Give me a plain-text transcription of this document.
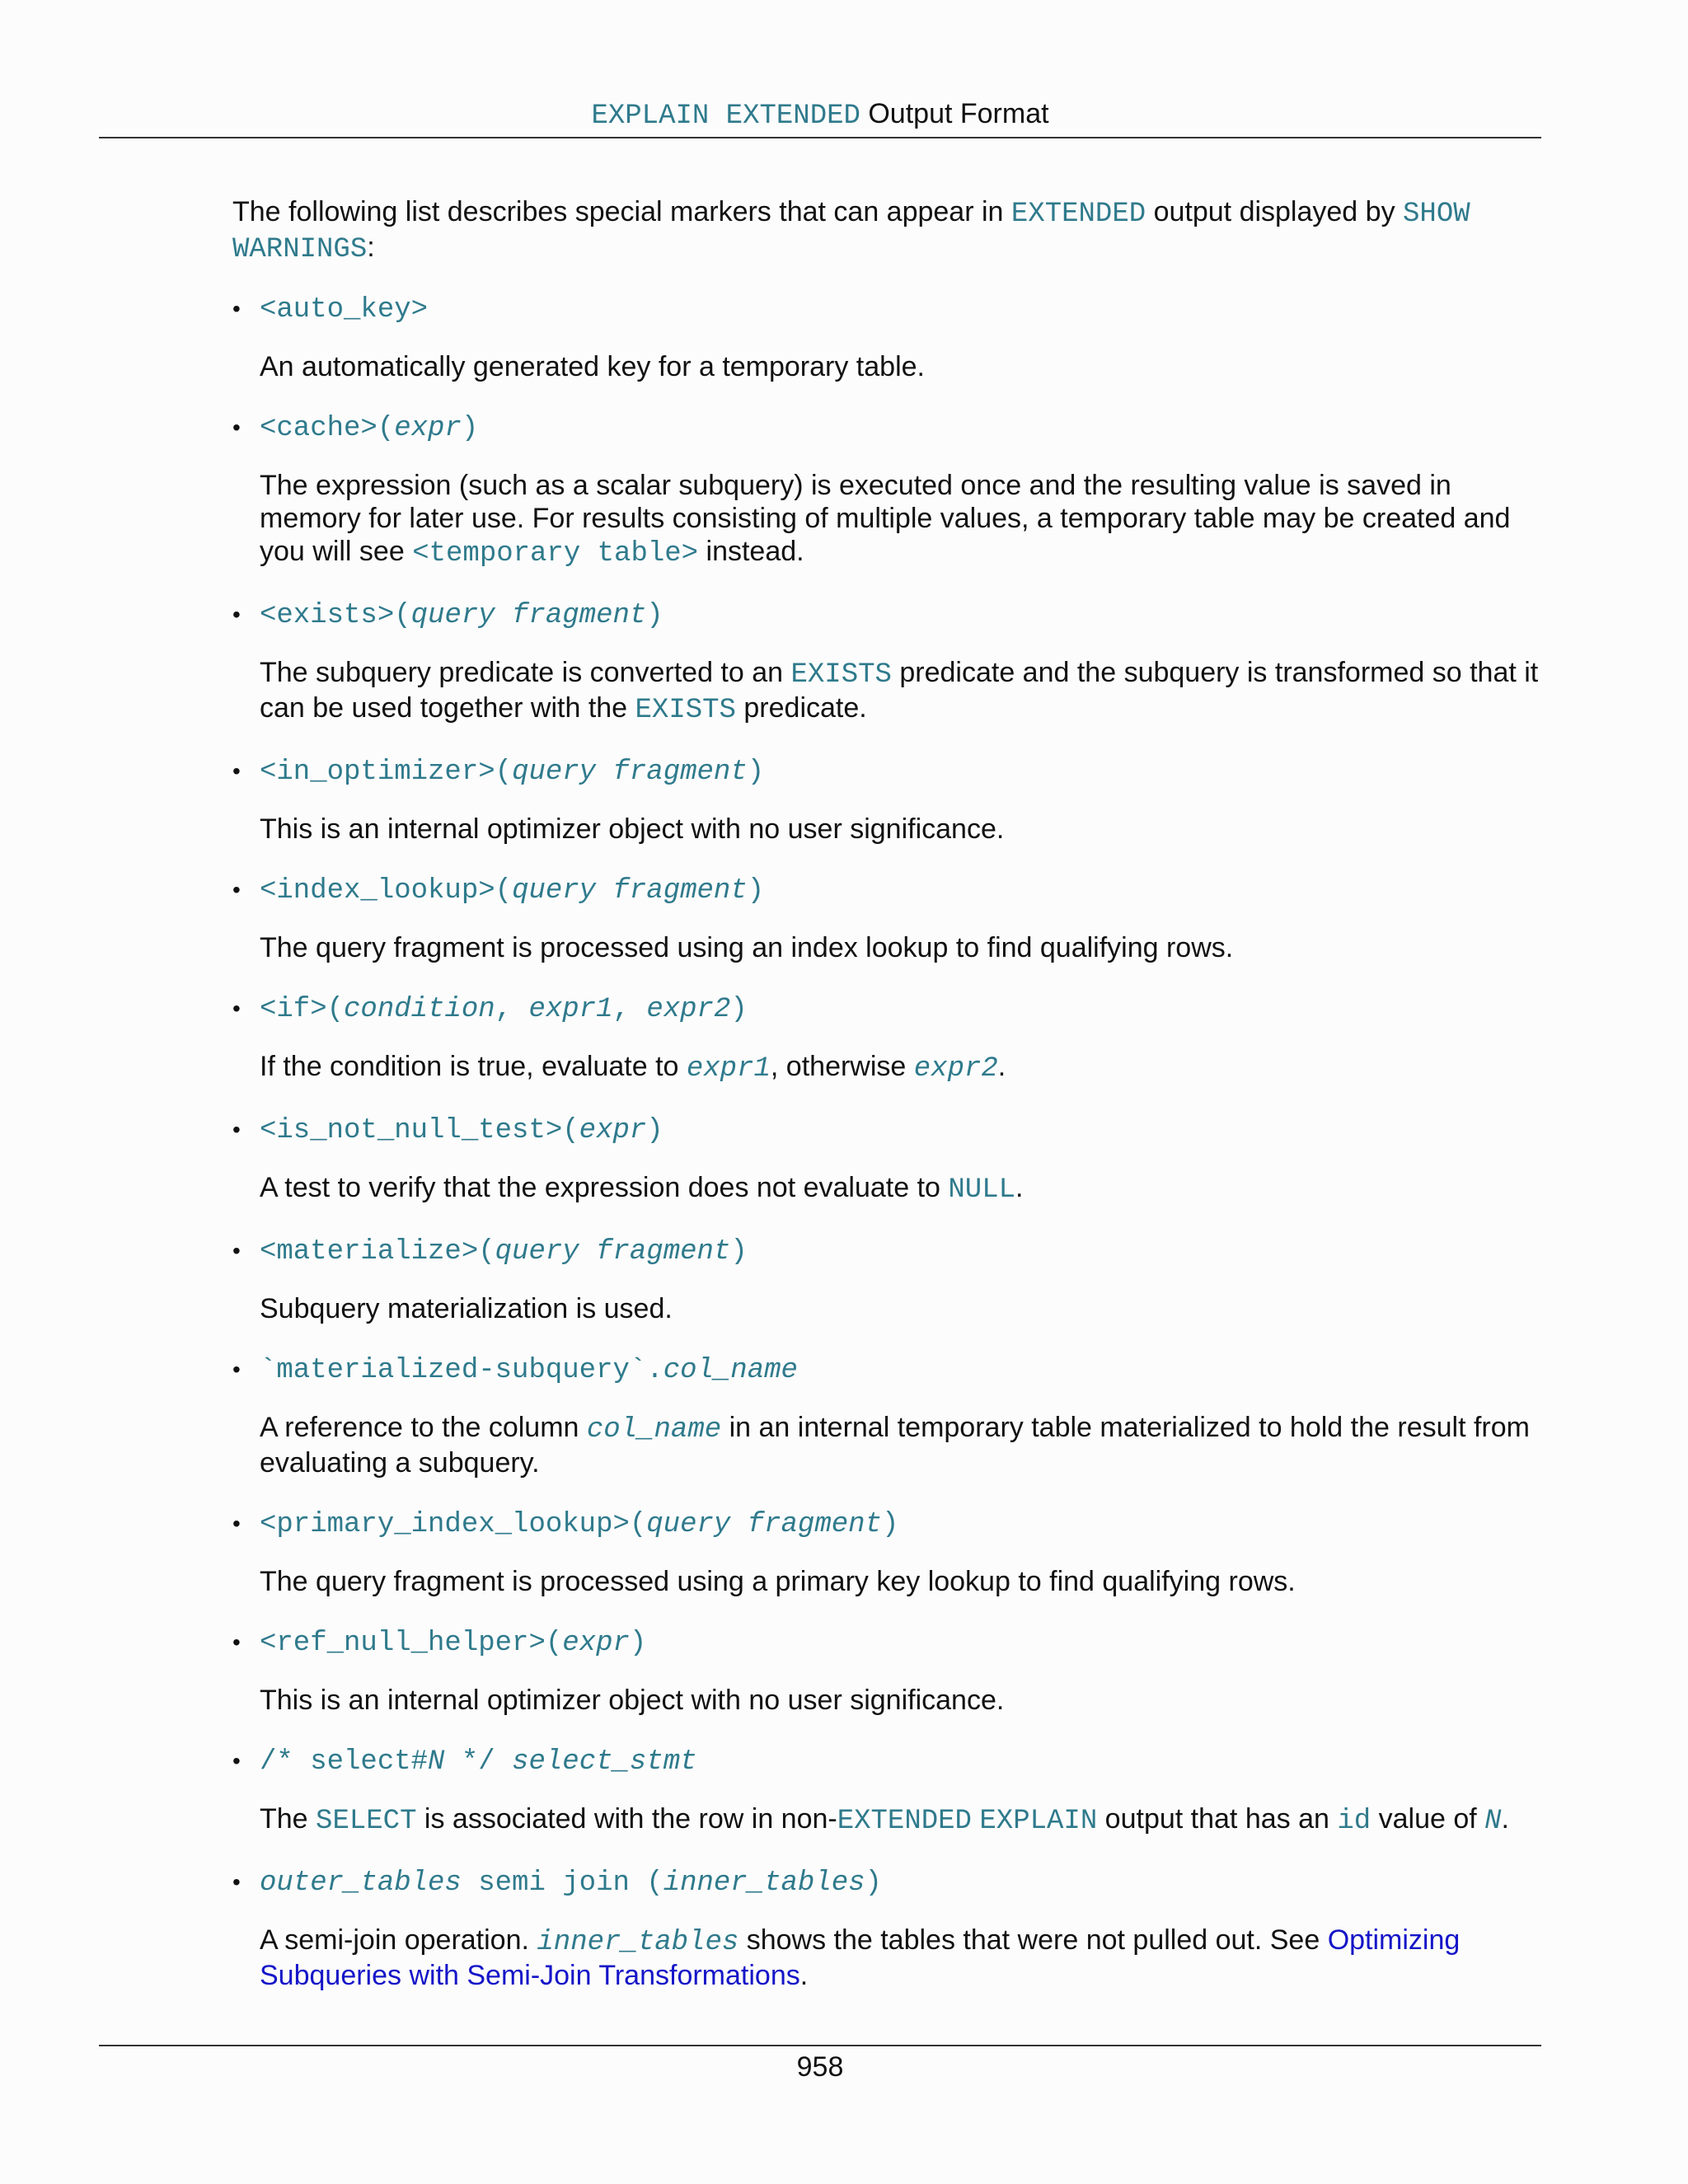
EXPLAIN EXTENDED Output Format

The following list describes special markers that can appear in EXTENDED output displayed by SHOW WARNINGS:

• <auto_key>
An automatically generated key for a temporary table.
• <cache>(expr)
The expression (such as a scalar subquery) is executed once and the resulting value is saved in memory for later use. For results consisting of multiple values, a temporary table may be created and you will see <temporary table> instead.
• <exists>(query fragment)
The subquery predicate is converted to an EXISTS predicate and the subquery is transformed so that it can be used together with the EXISTS predicate.
• <in_optimizer>(query fragment)
This is an internal optimizer object with no user significance.
• <index_lookup>(query fragment)
The query fragment is processed using an index lookup to find qualifying rows.
• <if>(condition, expr1, expr2)
If the condition is true, evaluate to expr1, otherwise expr2.
• <is_not_null_test>(expr)
A test to verify that the expression does not evaluate to NULL.
• <materialize>(query fragment)
Subquery materialization is used.
• `materialized-subquery`.col_name
A reference to the column col_name in an internal temporary table materialized to hold the result from evaluating a subquery.
• <primary_index_lookup>(query fragment)
The query fragment is processed using a primary key lookup to find qualifying rows.
• <ref_null_helper>(expr)
This is an internal optimizer object with no user significance.
• /* select#N */ select_stmt
The SELECT is associated with the row in non-EXTENDED EXPLAIN output that has an id value of N.
• outer_tables semi join (inner_tables)
A semi-join operation. inner_tables shows the tables that were not pulled out. See Optimizing Subqueries with Semi-Join Transformations.
958
